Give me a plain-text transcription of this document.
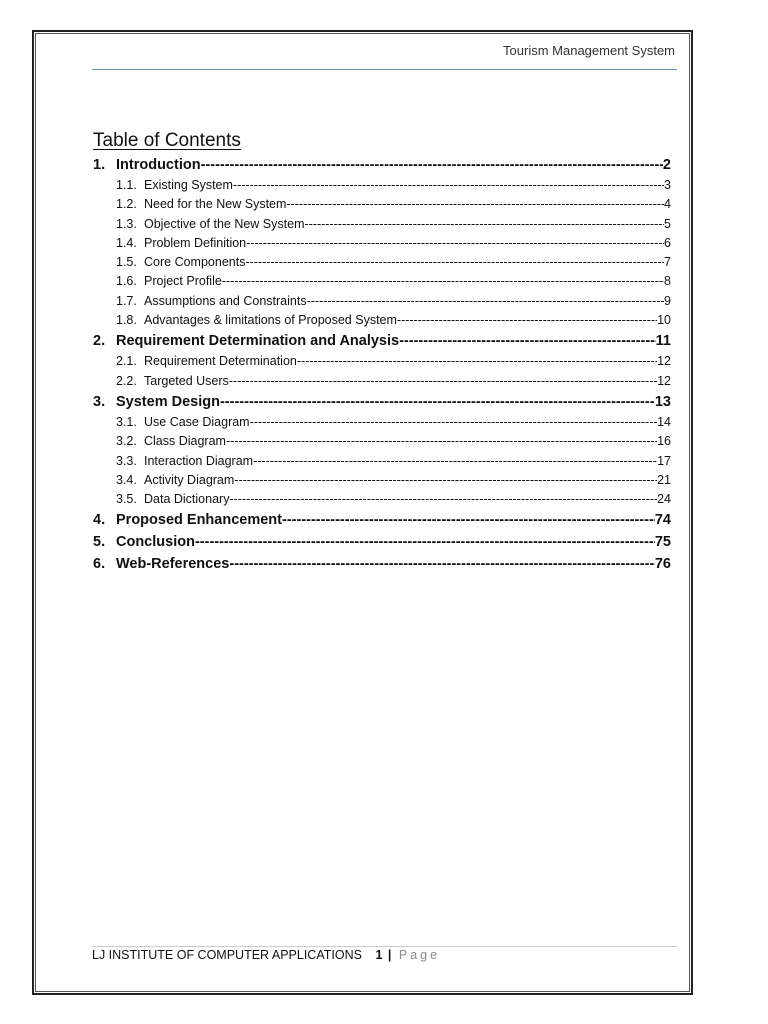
Tourism Management System
Table of Contents
1. Introduction -----	2
1.1. Existing System -----	3
1.2. Need for the New System -----	4
1.3. Objective of the New System -----	5
1.4. Problem Definition -----	6
1.5. Core Components -----	7
1.6. Project Profile -----	8
1.7. Assumptions and Constraints -----	9
1.8. Advantages & limitations of Proposed System -----	10
2. Requirement Determination and Analysis -----	11
2.1. Requirement Determination -----	12
2.2. Targeted Users -----	12
3. System Design -----	13
3.1. Use Case Diagram -----	14
3.2. Class Diagram -----	16
3.3. Interaction Diagram -----	17
3.4. Activity Diagram -----	21
3.5. Data Dictionary -----	24
4. Proposed Enhancement -----	74
5. Conclusion -----	75
6. Web-References -----	76
LJ INSTITUTE OF COMPUTER APPLICATIONS 1 | Page
